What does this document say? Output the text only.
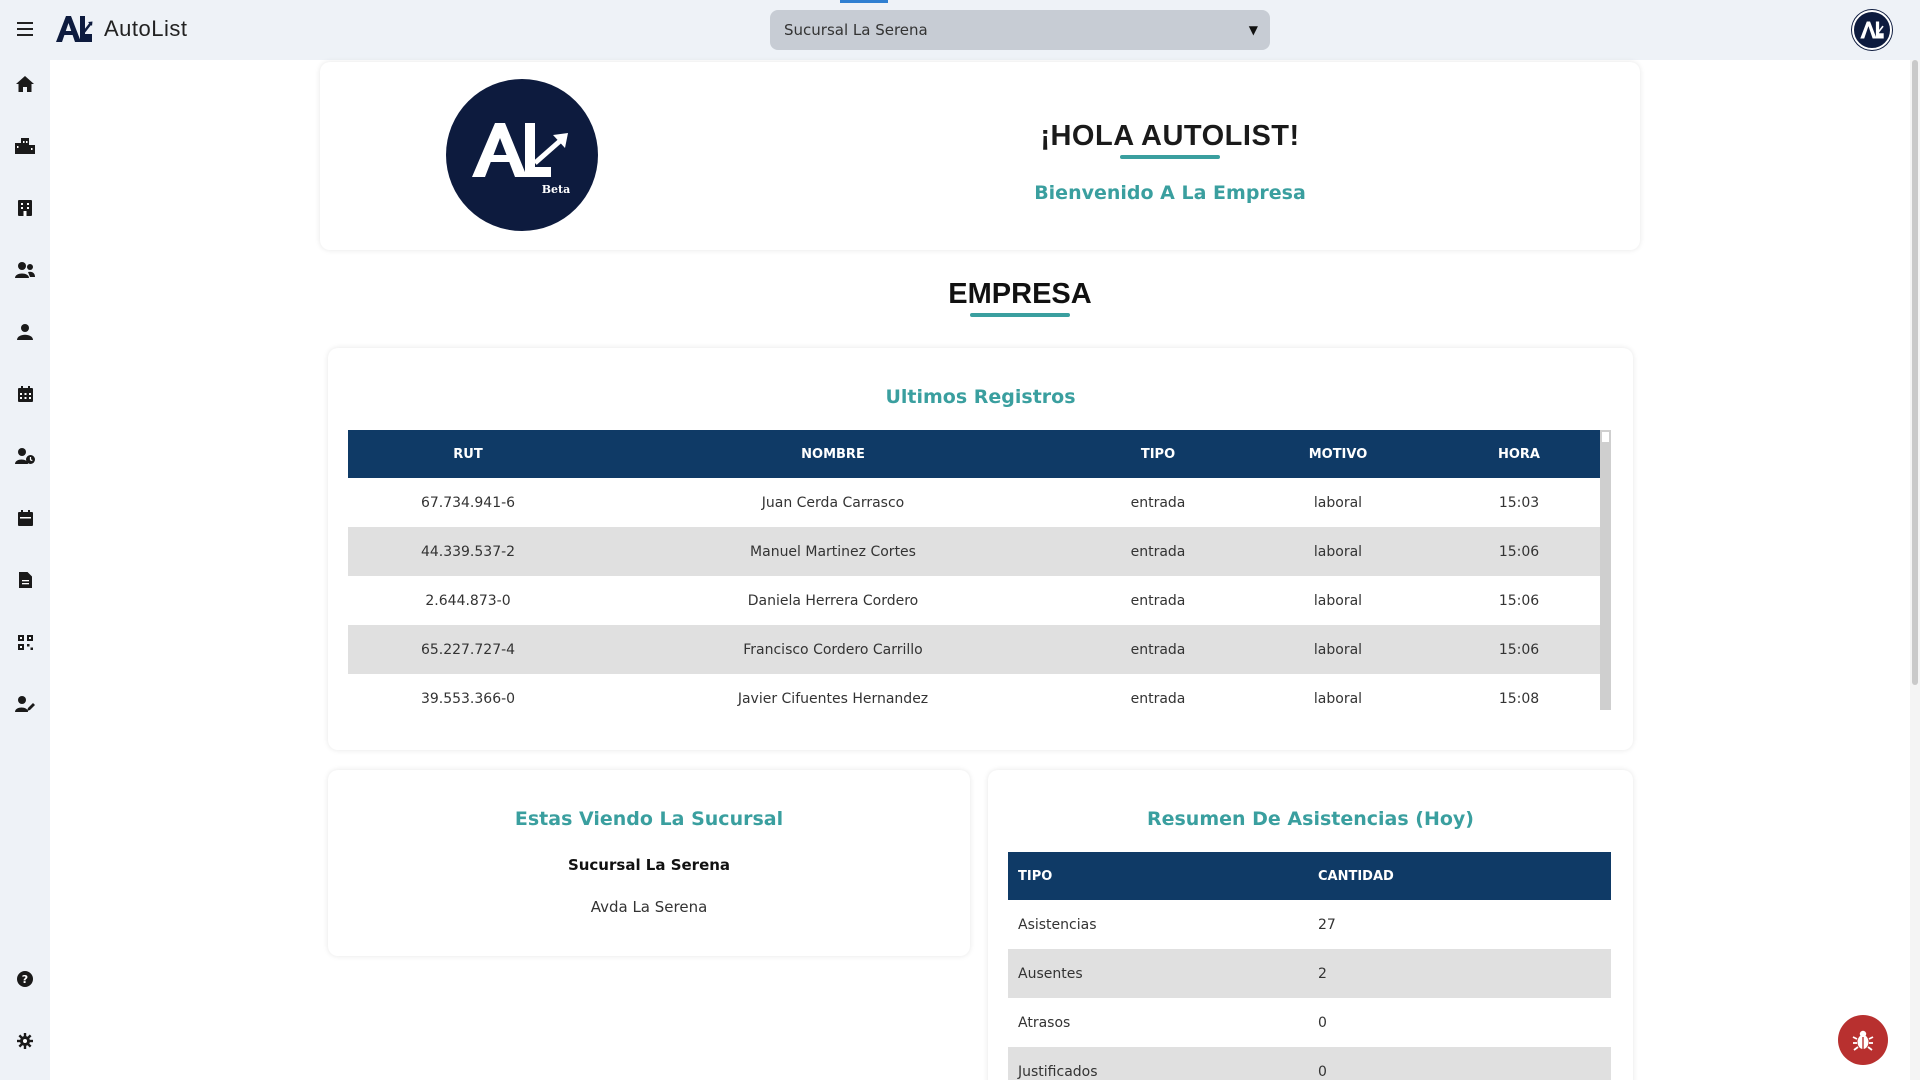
AutoList	Sucursal La Serena	▼
?
Beta
¡HOLA AUTOLIST!
Bienvenido A La Empresa
EMPRESA
Ultimos Registros
RUT	NOMBRE	TIPO	MOTIVO	HORA
67.734.941-6	Juan Cerda Carrasco	entrada	laboral	15:03
44.339.537-2	Manuel Martinez Cortes	entrada	laboral	15:06
2.644.873-0	Daniela Herrera Cordero	entrada	laboral	15:06
65.227.727-4	Francisco Cordero Carrillo	entrada	laboral	15:06
39.553.366-0	Javier Cifuentes Hernandez	entrada	laboral	15:08
Estas Viendo La Sucursal
Sucursal La Serena
Avda La Serena
Resumen De Asistencias (Hoy)
TIPO	CANTIDAD
Asistencias	27
Ausentes	2
Atrasos	0
Justificados	0
